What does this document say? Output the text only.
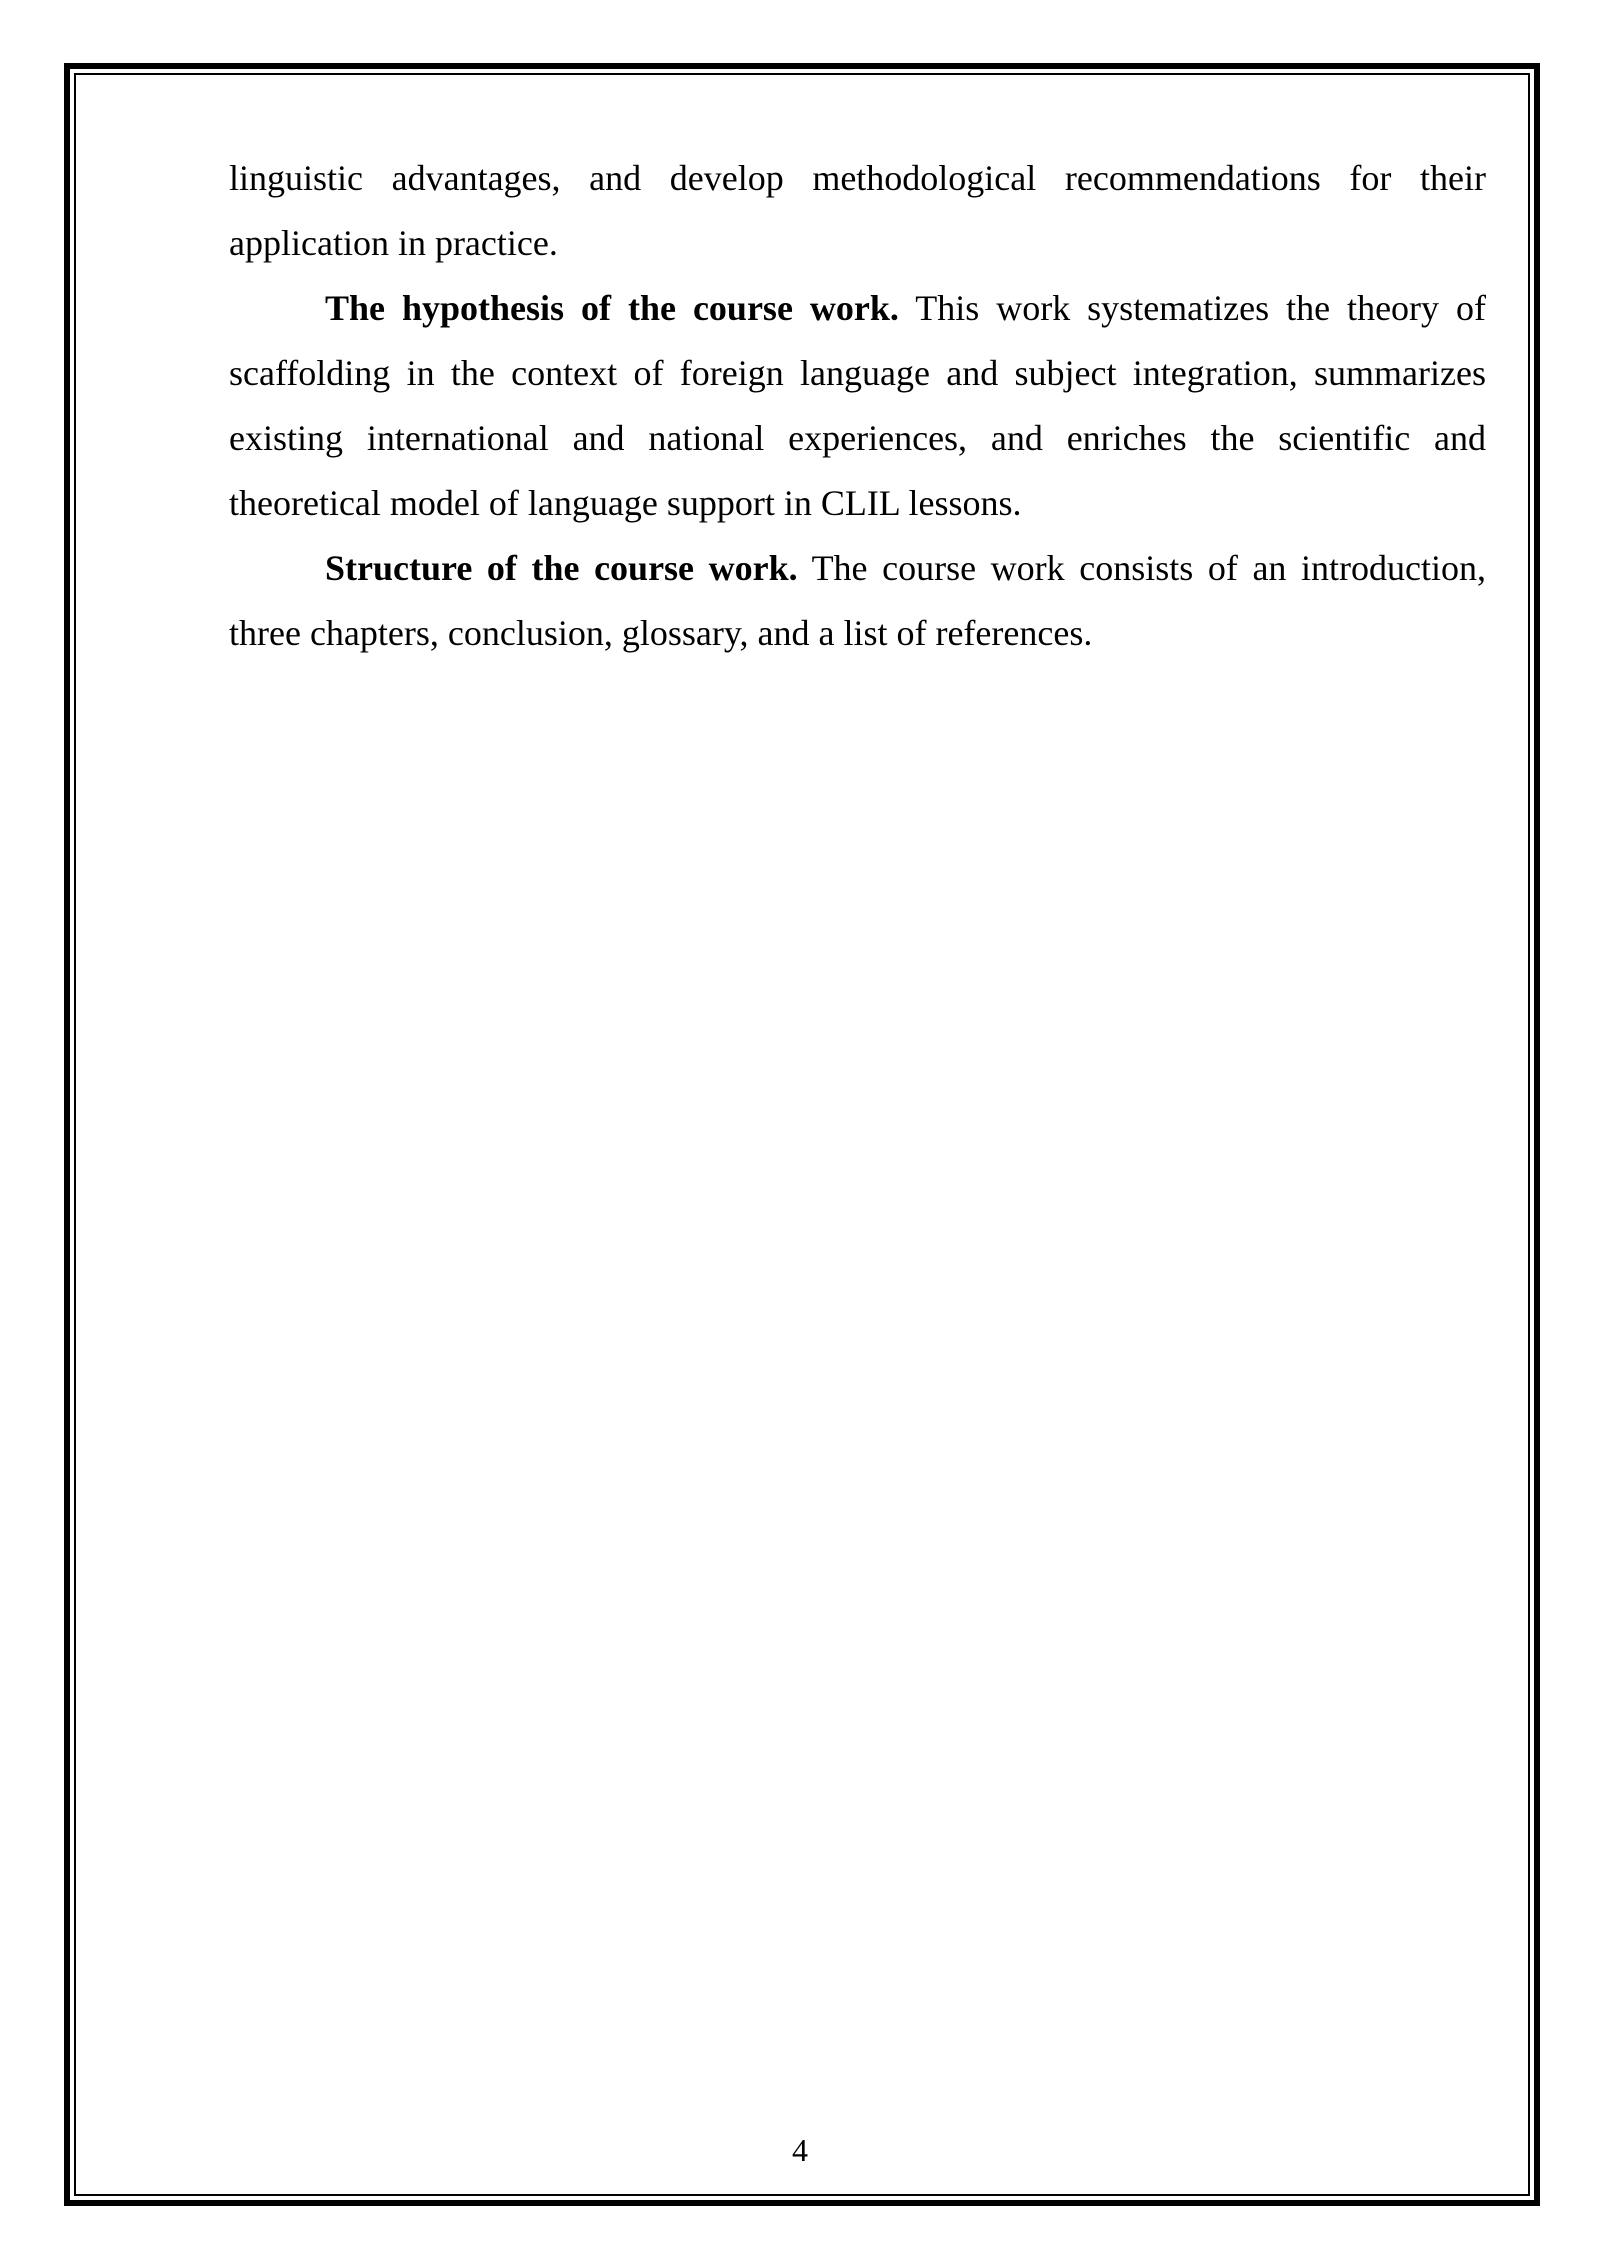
linguistic advantages, and develop methodological recommendations for their application in practice.

The hypothesis of the course work. This work systematizes the theory of scaffolding in the context of foreign language and subject integration, summarizes existing international and national experiences, and enriches the scientific and theoretical model of language support in CLIL lessons.

Structure of the course work. The course work consists of an introduction, three chapters, conclusion, glossary, and a list of references.

4
